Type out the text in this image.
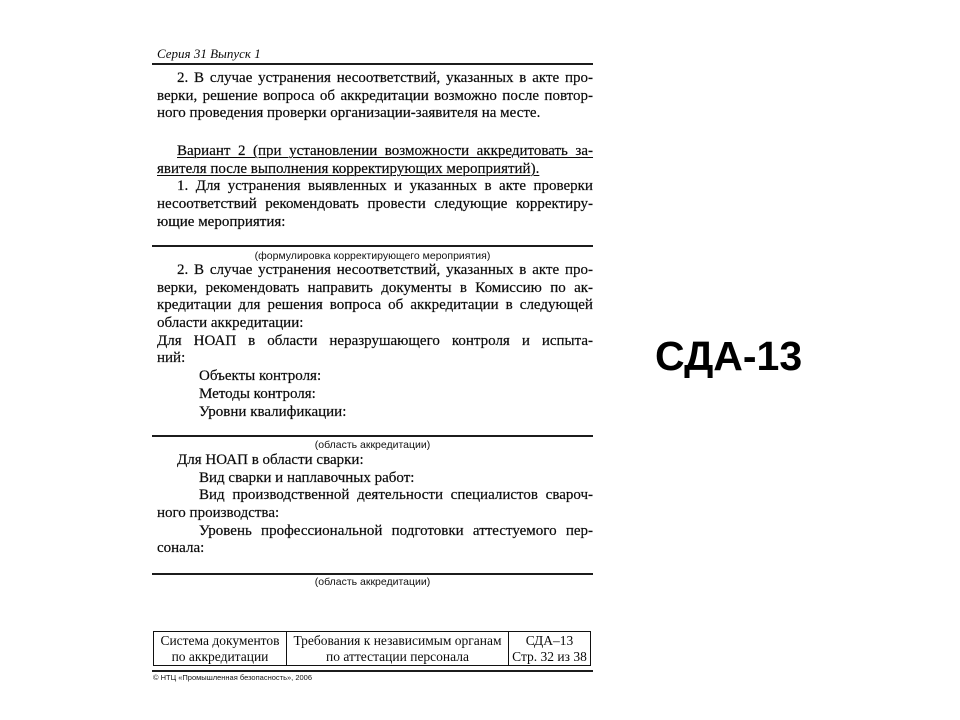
Серия 31 Выпуск 1
2. В случае устранения несоответствий, указанных в акте про-
верки, решение вопроса об аккредитации возможно после повтор-
ного проведения проверки организации-заявителя на месте.
Вариант 2 (при установлении возможности аккредитовать за-
явителя после выполнения корректирующих мероприятий).
1. Для устранения выявленных и указанных в акте проверки
несоответствий рекомендовать провести следующие корректиру-
ющие мероприятия:
(формулировка корректирующего мероприятия)
2. В случае устранения несоответствий, указанных в акте про-
верки, рекомендовать направить документы в Комиссию по ак-
кредитации для решения вопроса об аккредитации в следующей
области аккредитации:
Для НОАП в области неразрушающего контроля и испыта-
ний:
Объекты контроля:
Методы контроля:
Уровни квалификации:
(область аккредитации)
Для НОАП в области сварки:
Вид сварки и наплавочных работ:
Вид производственной деятельности специалистов свароч-
ного производства:
Уровень профессиональной подготовки аттестуемого пер-
сонала:
(область аккредитации)
Система документов
по аккредитации
Требования к независимым органам
по аттестации персонала
СДА–13
Стр. 32 из 38
© НТЦ «Промышленная безопасность», 2006
СДА-13
